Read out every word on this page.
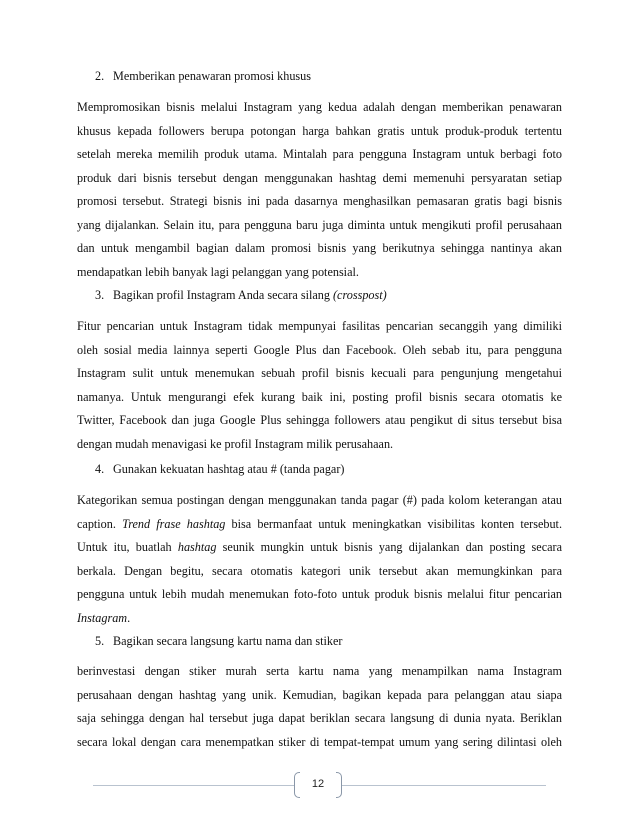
2. Memberikan penawaran promosi khusus
Mempromosikan bisnis melalui Instagram yang kedua adalah dengan memberikan penawaran
khusus kepada followers berupa potongan harga bahkan gratis untuk produk-produk tertentu
setelah mereka memilih produk utama. Mintalah para pengguna Instagram untuk berbagi foto
produk dari bisnis tersebut dengan menggunakan hashtag demi memenuhi persyaratan setiap
promosi tersebut. Strategi bisnis ini pada dasarnya menghasilkan pemasaran gratis bagi bisnis
yang dijalankan. Selain itu, para pengguna baru juga diminta untuk mengikuti profil perusahaan
dan untuk mengambil bagian dalam promosi bisnis yang berikutnya sehingga nantinya akan
mendapatkan lebih banyak lagi pelanggan yang potensial.
3. Bagikan profil Instagram Anda secara silang (crosspost)
Fitur pencarian untuk Instagram tidak mempunyai fasilitas pencarian secanggih yang dimiliki
oleh sosial media lainnya seperti Google Plus dan Facebook. Oleh sebab itu, para pengguna
Instagram sulit untuk menemukan sebuah profil bisnis kecuali para pengunjung mengetahui
namanya. Untuk mengurangi efek kurang baik ini, posting profil bisnis secara otomatis ke
Twitter, Facebook dan juga Google Plus sehingga followers atau pengikut di situs tersebut bisa
dengan mudah menavigasi ke profil Instagram milik perusahaan.
4. Gunakan kekuatan hashtag atau # (tanda pagar)
Kategorikan semua postingan dengan menggunakan tanda pagar (#) pada kolom keterangan atau
caption. Trend frase hashtag bisa bermanfaat untuk meningkatkan visibilitas konten tersebut.
Untuk itu, buatlah hashtag seunik mungkin untuk bisnis yang dijalankan dan posting secara
berkala. Dengan begitu, secara otomatis kategori unik tersebut akan memungkinkan para
pengguna untuk lebih mudah menemukan foto-foto untuk produk bisnis melalui fitur pencarian
Instagram.
5. Bagikan secara langsung kartu nama dan stiker
berinvestasi dengan stiker murah serta kartu nama yang menampilkan nama Instagram
perusahaan dengan hashtag yang unik. Kemudian, bagikan kepada para pelanggan atau siapa
saja sehingga dengan hal tersebut juga dapat beriklan secara langsung di dunia nyata. Beriklan
secara lokal dengan cara menempatkan stiker di tempat-tempat umum yang sering dilintasi oleh
12
